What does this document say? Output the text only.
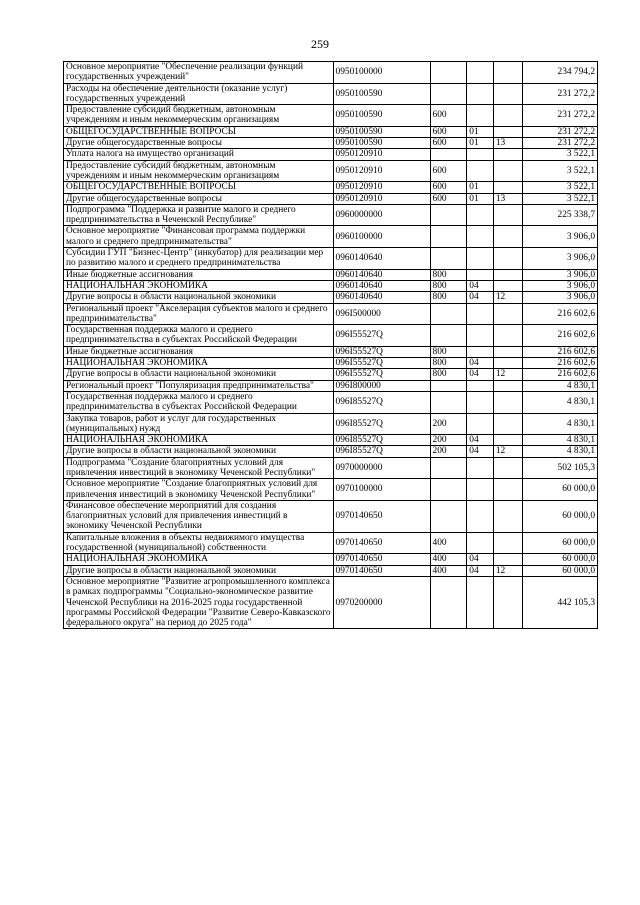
259
Основное мероприятие "Обеспечение реализации функций государственных учреждений"	0950100000				234 794,2
Расходы на обеспечение деятельности (оказание услуг) государственных учреждений	0950100590				231 272,2
Предоставление субсидий бюджетным, автономным учреждениям и иным некоммерческим организациям	0950100590	600			231 272,2
ОБЩЕГОСУДАРСТВЕННЫЕ ВОПРОСЫ	0950100590	600	01		231 272,2
Другие общегосударственные вопросы	0950100590	600	01	13	231 272,2
Уплата налога на имущество организаций	0950120910				3 522,1
Предоставление субсидий бюджетным, автономным учреждениям и иным некоммерческим организациям	0950120910	600			3 522,1
ОБЩЕГОСУДАРСТВЕННЫЕ ВОПРОСЫ	0950120910	600	01		3 522,1
Другие общегосударственные вопросы	0950120910	600	01	13	3 522,1
Подпрограмма "Поддержка и развитие малого и среднего предпринимательства в Чеченской Республике"	0960000000				225 338,7
Основное мероприятие "Финансовая программа поддержки малого и среднего предпринимательства"	0960100000				3 906,0
Субсидии ГУП "Бизнес-Центр" (инкубатор) для реализации мер по развитию малого и среднего предпринимательства	0960140640				3 906,0
Иные бюджетные ассигнования	0960140640	800			3 906,0
НАЦИОНАЛЬНАЯ ЭКОНОМИКА	0960140640	800	04		3 906,0
Другие вопросы в области национальной экономики	0960140640	800	04	12	3 906,0
Региональный проект "Акселерация субъектов малого и среднего предпринимательства"	096I500000				216 602,6
Государственная поддержка малого и среднего предпринимательства в субъектах Российской Федерации	096I55527Q				216 602,6
Иные бюджетные ассигнования	096I55527Q	800			216 602,6
НАЦИОНАЛЬНАЯ ЭКОНОМИКА	096I55527Q	800	04		216 602,6
Другие вопросы в области национальной экономики	096I55527Q	800	04	12	216 602,6
Региональный проект "Популяризация предпринимательства"	096I800000				4 830,1
Государственная поддержка малого и среднего предпринимательства в субъектах Российской Федерации	096I85527Q				4 830,1
Закупка товаров, работ и услуг для государственных (муниципальных) нужд	096I85527Q	200			4 830,1
НАЦИОНАЛЬНАЯ ЭКОНОМИКА	096I85527Q	200	04		4 830,1
Другие вопросы в области национальной экономики	096I85527Q	200	04	12	4 830,1
Подпрограмма "Создание благоприятных условий для привлечения инвестиций в экономику Чеченской Республики"	0970000000				502 105,3
Основное мероприятие "Создание благоприятных условий для привлечения инвестиций в экономику Чеченской Республики"	0970100000				60 000,0
Финансовое обеспечение мероприятий для создания благоприятных условий для привлечения инвестиций в экономику Чеченской Республики	0970140650				60 000,0
Капитальные вложения в объекты недвижимого имущества государственной (муниципальной) собственности	0970140650	400			60 000,0
НАЦИОНАЛЬНАЯ ЭКОНОМИКА	0970140650	400	04		60 000,0
Другие вопросы в области национальной экономики	0970140650	400	04	12	60 000,0
Основное мероприятие "Развитие агропромышленного комплекса в рамках подпрограммы "Социально-экономическое развитие Чеченской Республики на 2016-2025 годы государственной программы Российской Федерации "Развитие Северо-Кавказского федерального округа" на период до 2025 года"	0970200000				442 105,3
